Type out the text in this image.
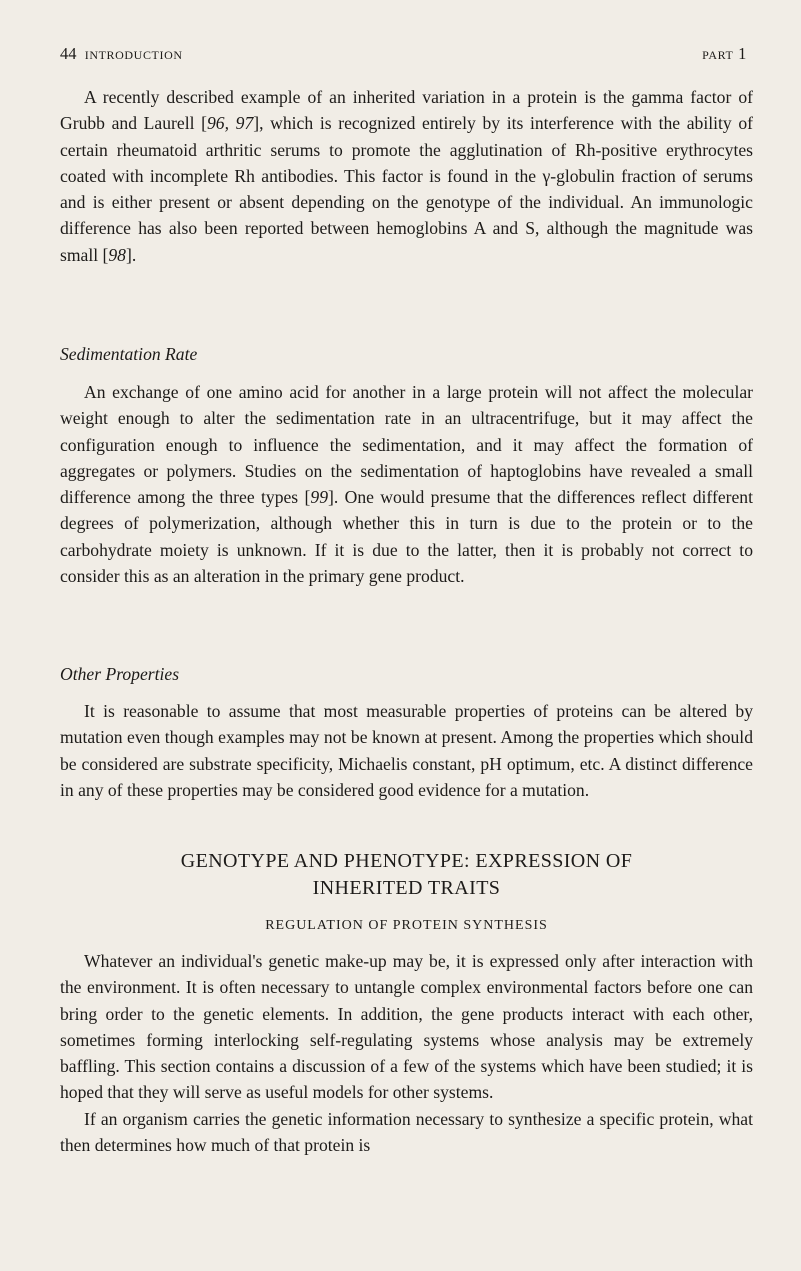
44 introduction	part 1

A recently described example of an inherited variation in a protein is the gamma factor of Grubb and Laurell [96, 97], which is recognized entirely by its interference with the ability of certain rheumatoid arthritic serums to promote the agglutination of Rh-positive erythrocytes coated with incomplete Rh antibodies. This factor is found in the γ-globulin fraction of serums and is either present or absent depending on the genotype of the individual. An immunologic difference has also been reported between hemoglobins A and S, although the magnitude was small [98].

Sedimentation Rate

An exchange of one amino acid for another in a large protein will not affect the molecular weight enough to alter the sedimentation rate in an ultracentrifuge, but it may affect the configuration enough to influence the sedimentation, and it may affect the formation of aggregates or polymers. Studies on the sedimentation of haptoglobins have revealed a small difference among the three types [99]. One would presume that the differences reflect different degrees of polymerization, although whether this in turn is due to the protein or to the carbohydrate moiety is unknown. If it is due to the latter, then it is probably not correct to consider this as an alteration in the primary gene product.

Other Properties

It is reasonable to assume that most measurable properties of proteins can be altered by mutation even though examples may not be known at present. Among the properties which should be considered are substrate specificity, Michaelis constant, pH optimum, etc. A distinct difference in any of these properties may be considered good evidence for a mutation.

GENOTYPE AND PHENOTYPE: EXPRESSION OF
INHERITED TRAITS
REGULATION OF PROTEIN SYNTHESIS

Whatever an individual's genetic make-up may be, it is expressed only after interaction with the environment. It is often necessary to untangle complex environmental factors before one can bring order to the genetic elements. In addition, the gene products interact with each other, sometimes forming interlocking self-regulating systems whose analysis may be extremely baffling. This section contains a discussion of a few of the systems which have been studied; it is hoped that they will serve as useful models for other systems.

If an organism carries the genetic information necessary to synthesize a specific protein, what then determines how much of that protein is
